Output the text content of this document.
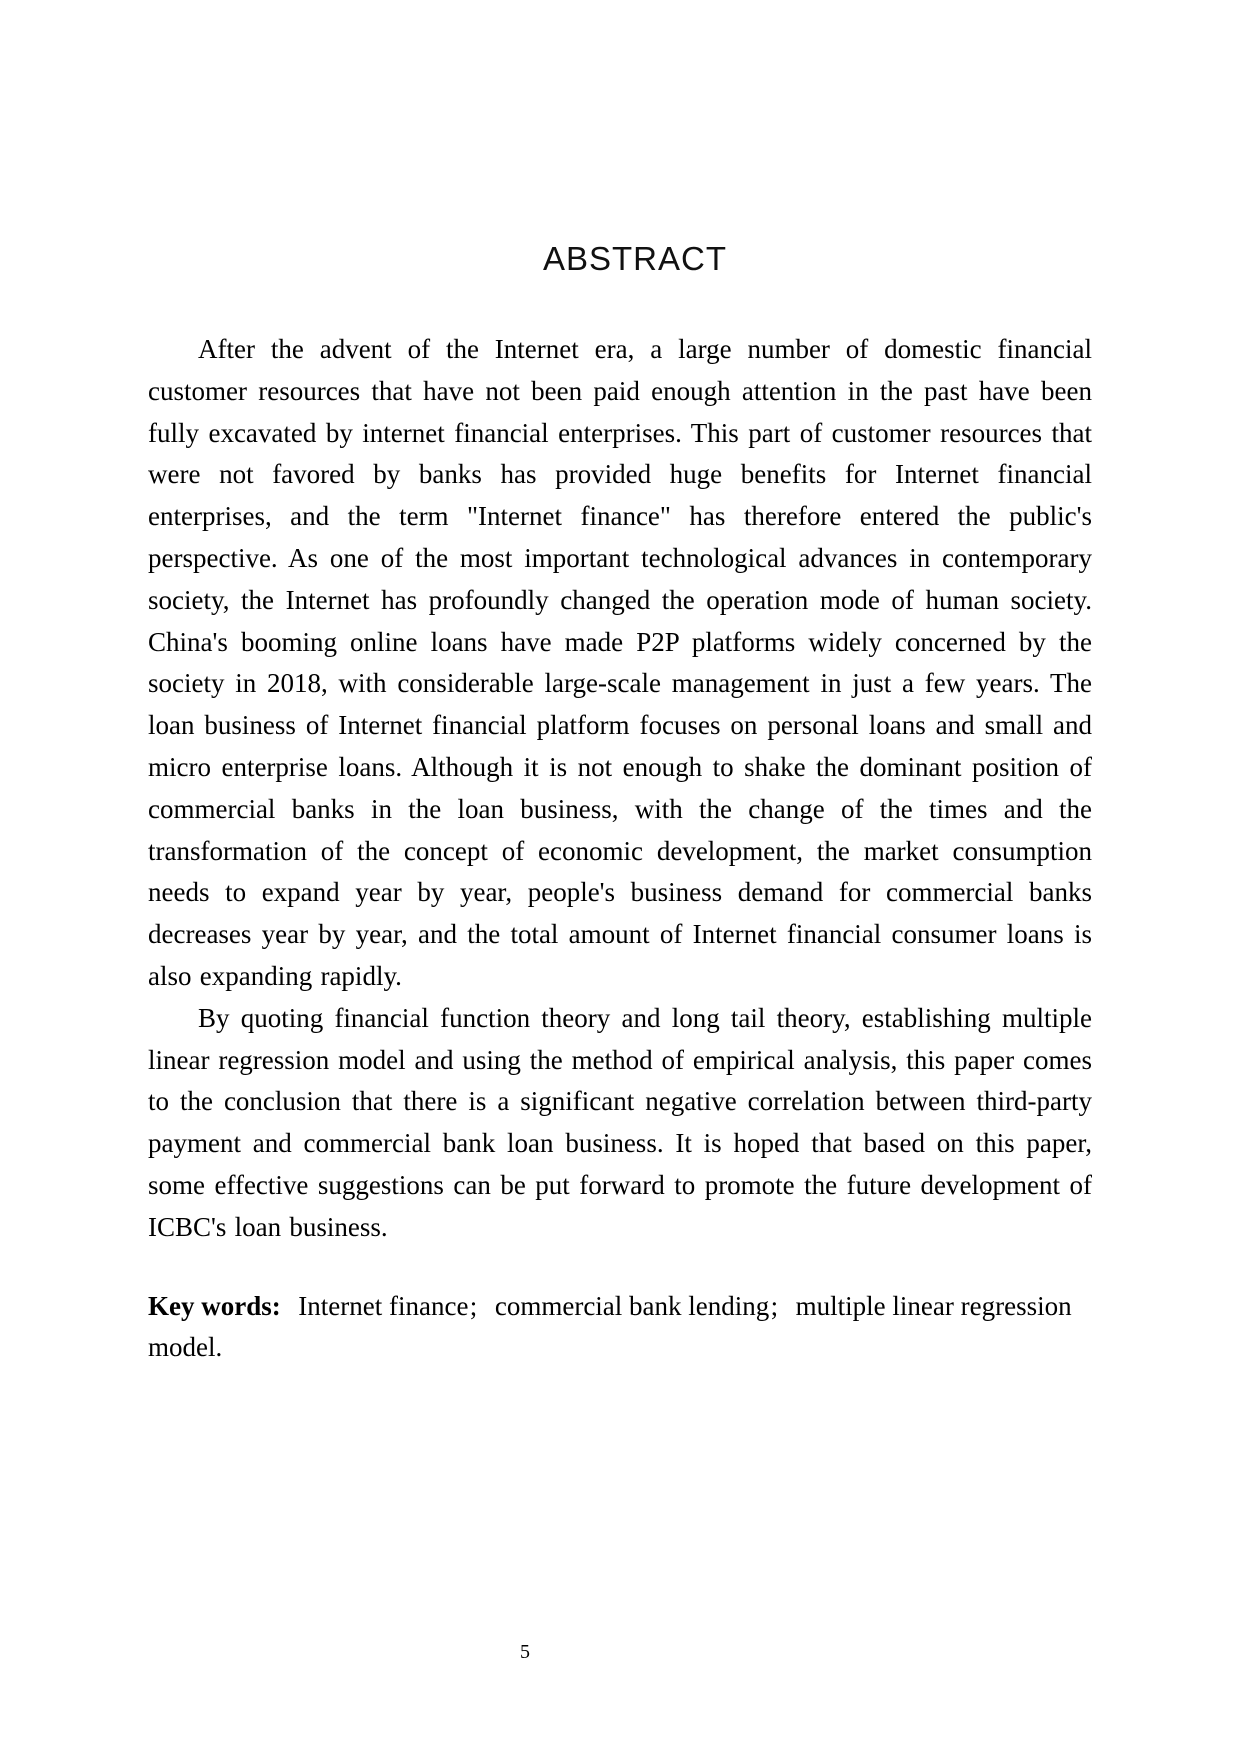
ABSTRACT

After the advent of the Internet era, a large number of domestic financial customer resources that have not been paid enough attention in the past have been fully excavated by internet financial enterprises. This part of customer resources that were not favored by banks has provided huge benefits for Internet financial enterprises, and the term "Internet finance" has therefore entered the public's perspective. As one of the most important technological advances in contemporary society, the Internet has profoundly changed the operation mode of human society. China's booming online loans have made P2P platforms widely concerned by the society in 2018, with considerable large-scale management in just a few years. The loan business of Internet financial platform focuses on personal loans and small and micro enterprise loans. Although it is not enough to shake the dominant position of commercial banks in the loan business, with the change of the times and the transformation of the concept of economic development, the market consumption needs to expand year by year, people's business demand for commercial banks decreases year by year, and the total amount of Internet financial consumer loans is also expanding rapidly.

By quoting financial function theory and long tail theory, establishing multiple linear regression model and using the method of empirical analysis, this paper comes to the conclusion that there is a significant negative correlation between third-party payment and commercial bank loan business. It is hoped that based on this paper, some effective suggestions can be put forward to promote the future development of ICBC's loan business.

Key words: Internet finance; commercial bank lending; multiple linear regression model.
5
